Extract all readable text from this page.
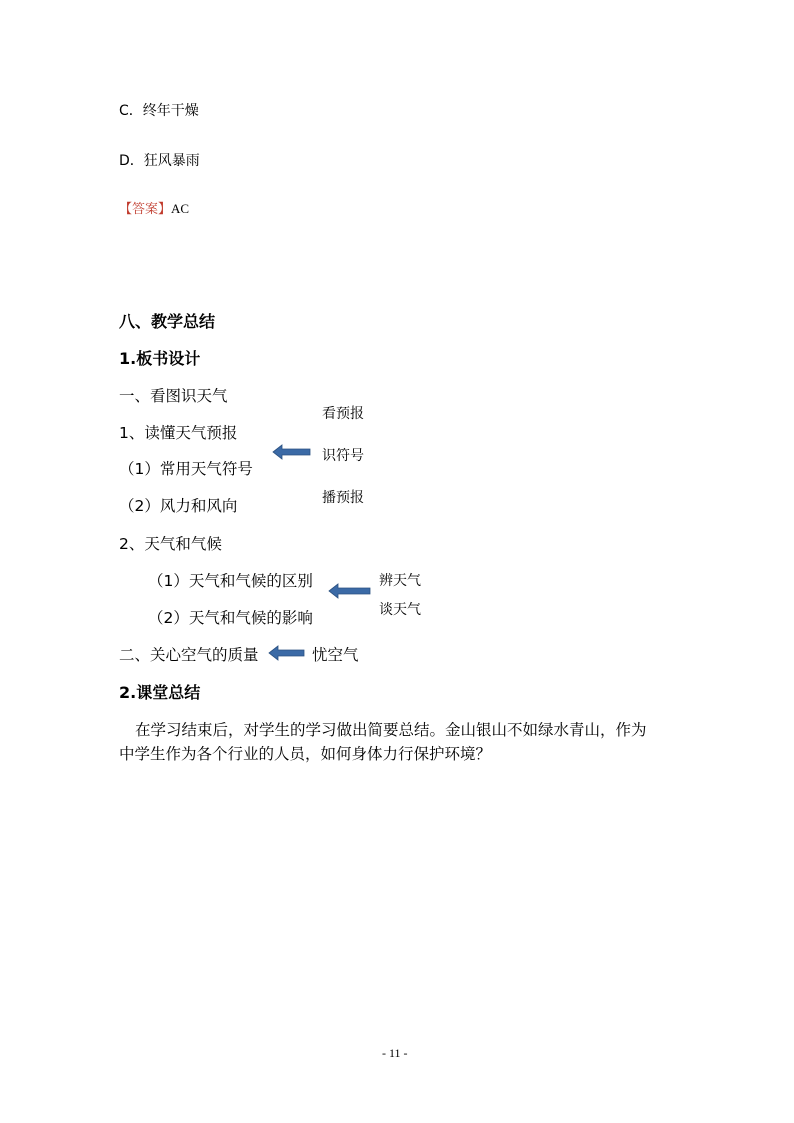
C．终年干燥
D．狂风暴雨
【答案】AC
八、教学总结
1.板书设计
一、看图识天气
看预报
1、读懂天气预报
（1）常用天气符号
识符号
（2）风力和风向	播预报
2、天气和气候
（1）天气和气候的区别	辨天气
（2）天气和气候的影响	谈天气
二、关心空气的质量	忧空气
2.课堂总结
在学习结束后，对学生的学习做出简要总结。金山银山不如绿水青山，作为
中学生作为各个行业的人员，如何身体力行保护环境？
- 11 -
